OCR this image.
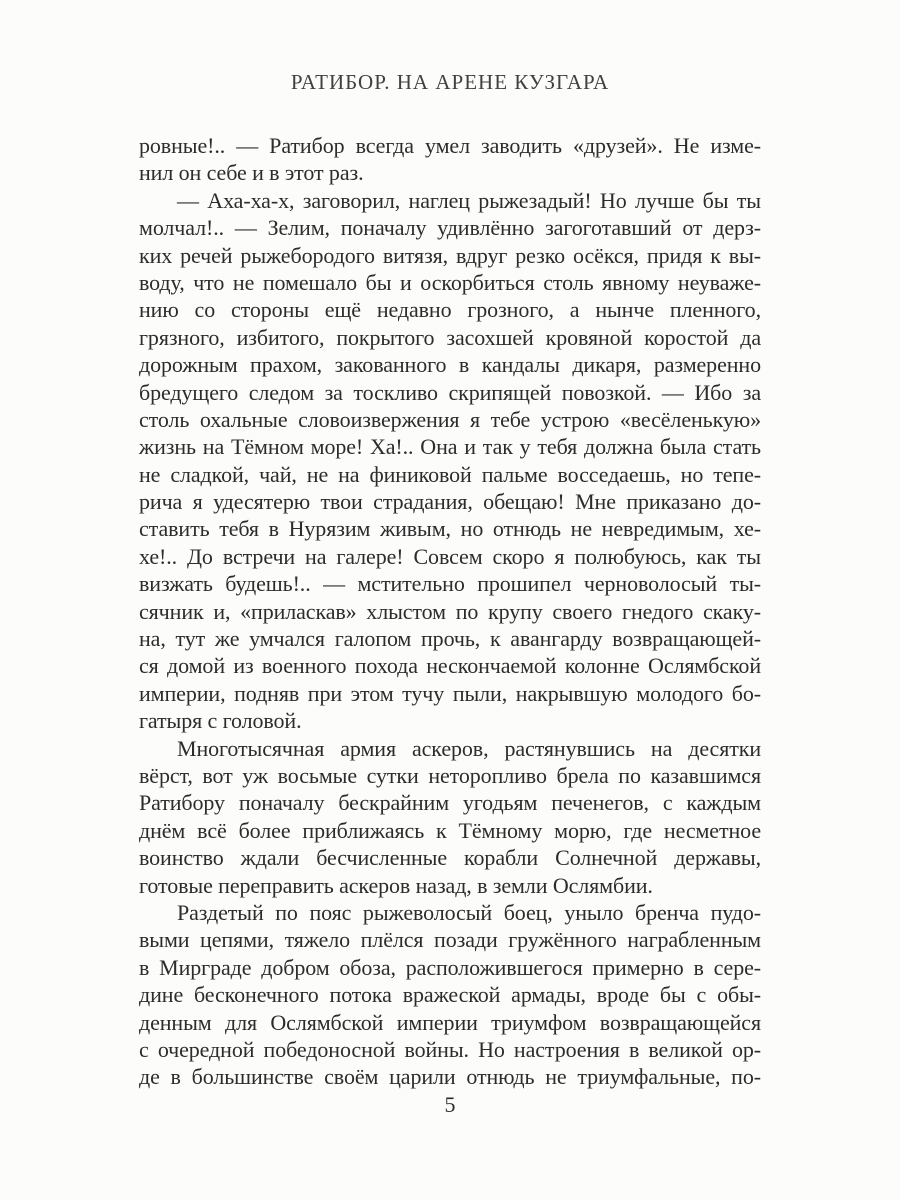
РАТИБОР. НА АРЕНЕ КУЗГАРА
ровные!.. — Ратибор всегда умел заводить «друзей». Не изме-
нил он себе и в этот раз.
— Аха-ха-х, заговорил, наглец рыжезадый! Но лучше бы ты
молчал!.. — Зелим, поначалу удивлённо загоготавший от дерз-
ких речей рыжебородого витязя, вдруг резко осёкся, придя к вы-
воду, что не помешало бы и оскорбиться столь явному неуваже-
нию со стороны ещё недавно грозного, а нынче пленного,
грязного, избитого, покрытого засохшей кровяной коростой да
дорожным прахом, закованного в кандалы дикаря, размеренно
бредущего следом за тоскливо скрипящей повозкой. — Ибо за
столь охальные словоизвержения я тебе устрою «весёленькую»
жизнь на Тёмном море! Ха!.. Она и так у тебя должна была стать
не сладкой, чай, не на финиковой пальме восседаешь, но тепе-
рича я удесятерю твои страдания, обещаю! Мне приказано до-
ставить тебя в Нурязим живым, но отнюдь не невредимым, хе-
хе!.. До встречи на галере! Совсем скоро я полюбуюсь, как ты
визжать будешь!.. — мстительно прошипел черноволосый ты-
сячник и, «приласкав» хлыстом по крупу своего гнедого скаку-
на, тут же умчался галопом прочь, к авангарду возвращающей-
ся домой из военного похода нескончаемой колонне Ослямбской
империи, подняв при этом тучу пыли, накрывшую молодого бо-
гатыря с головой.
Многотысячная армия аскеров, растянувшись на десятки
вёрст, вот уж восьмые сутки неторопливо брела по казавшимся
Ратибору поначалу бескрайним угодьям печенегов, с каждым
днём всё более приближаясь к Тёмному морю, где несметное
воинство ждали бесчисленные корабли Солнечной державы,
готовые переправить аскеров назад, в земли Ослямбии.
Раздетый по пояс рыжеволосый боец, уныло бренча пудо-
выми цепями, тяжело плёлся позади гружённого награбленным
в Мирграде добром обоза, расположившегося примерно в сере-
дине бесконечного потока вражеской армады, вроде бы с обы-
денным для Ослямбской империи триумфом возвращающейся
с очередной победоносной войны. Но настроения в великой ор-
де в большинстве своём царили отнюдь не триумфальные, по-
5
